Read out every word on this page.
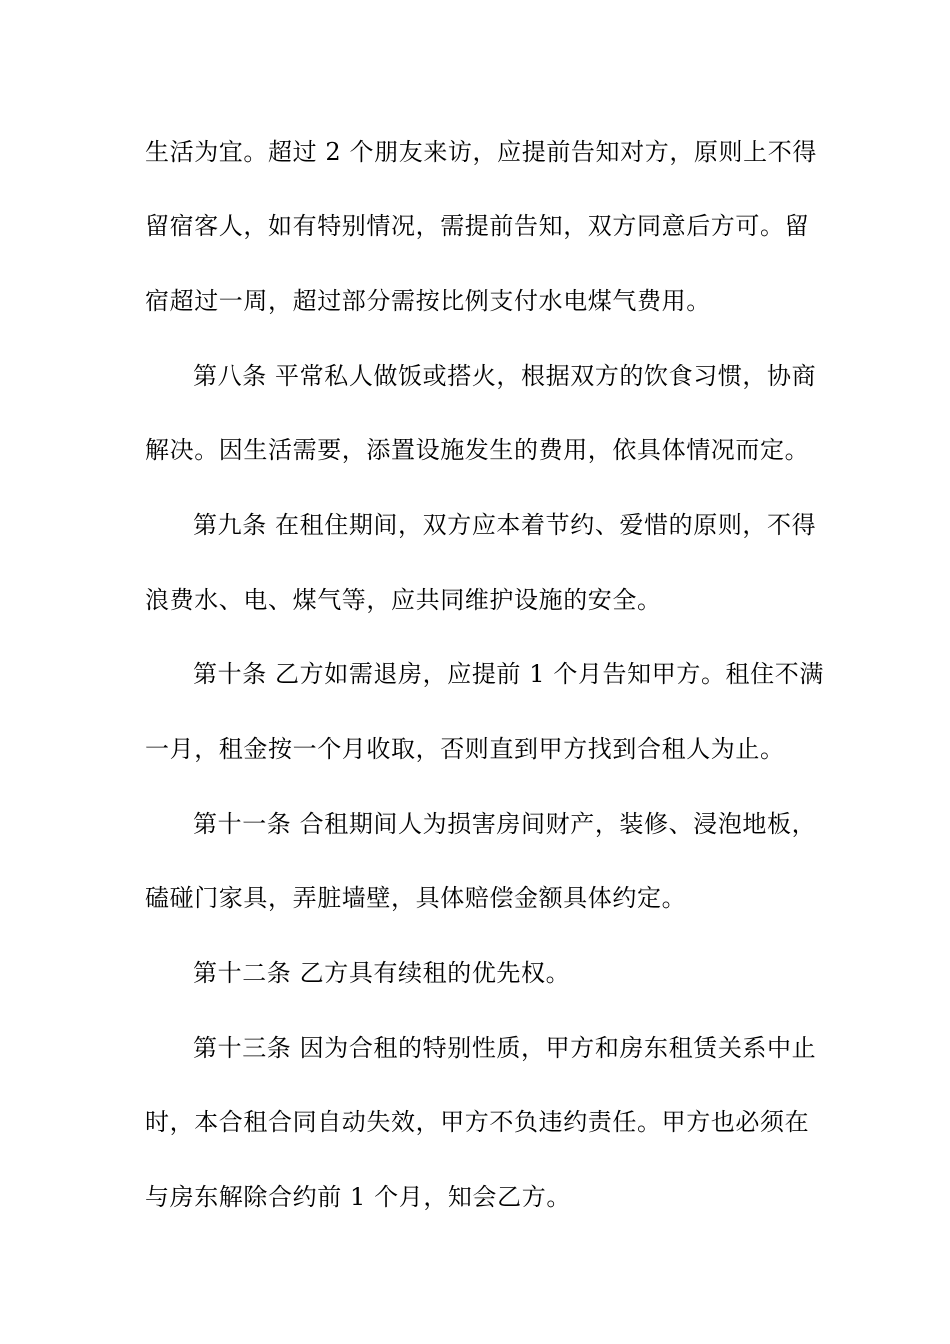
生活为宜。超过 2 个朋友来访，应提前告知对方，原则上不得
留宿客人，如有特别情况，需提前告知，双方同意后方可。留
宿超过一周，超过部分需按比例支付水电煤气费用。
第八条 平常私人做饭或搭火，根据双方的饮食习惯，协商
解决。因生活需要，添置设施发生的费用，依具体情况而定。
第九条 在租住期间，双方应本着节约、爱惜的原则，不得
浪费水、电、煤气等，应共同维护设施的安全。
第十条 乙方如需退房，应提前 1 个月告知甲方。租住不满
一月，租金按一个月收取，否则直到甲方找到合租人为止。
第十一条 合租期间人为损害房间财产，装修、浸泡地板，
磕碰门家具，弄脏墙壁，具体赔偿金额具体约定。
第十二条 乙方具有续租的优先权。
第十三条 因为合租的特别性质，甲方和房东租赁关系中止
时，本合租合同自动失效，甲方不负违约责任。甲方也必须在
与房东解除合约前 1 个月，知会乙方。
